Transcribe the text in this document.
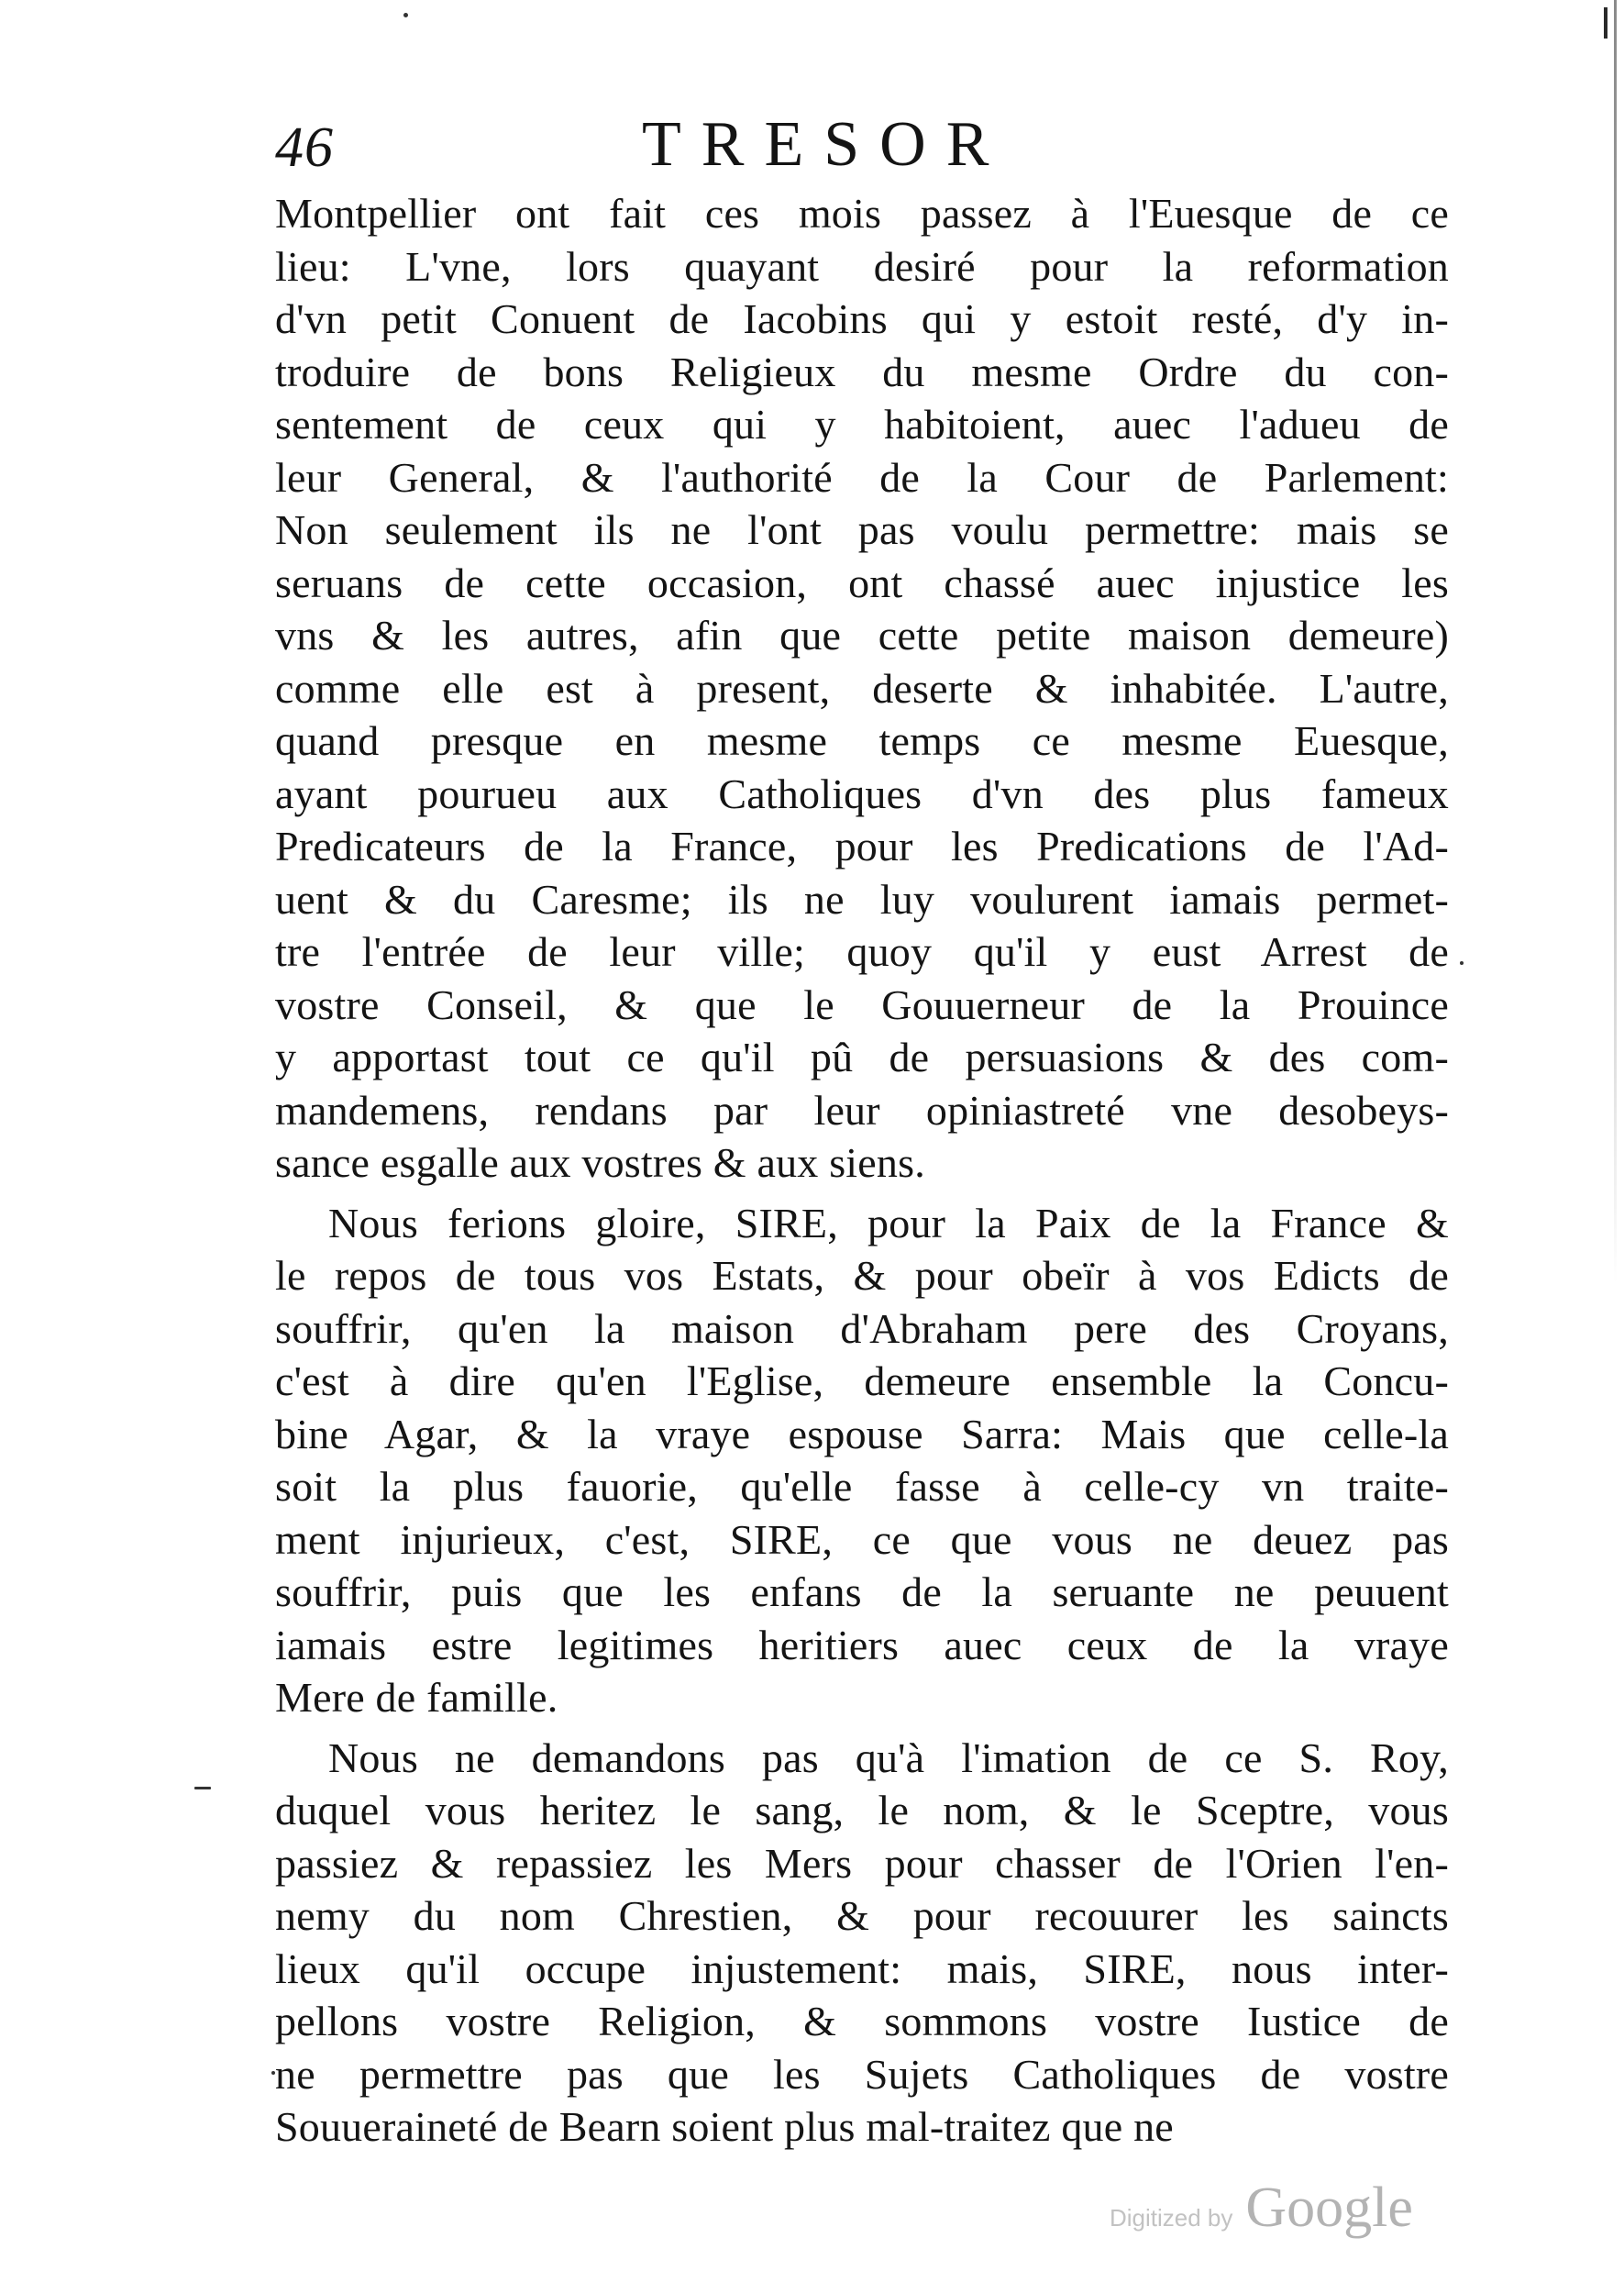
46	TRESOR
Montpellier ont fait ces mois passez à l'Euesque de ce
lieu: L'vne, lors quayant desiré pour la reformation
d'vn petit Conuent de Iacobins qui y estoit resté, d'y in-
troduire de bons Religieux du mesme Ordre du con-
sentement de ceux qui y habitoient, auec l'adueu de
leur General, & l'authorité de la Cour de Parlement:
Non seulement ils ne l'ont pas voulu permettre: mais se
seruans de cette occasion, ont chassé auec injustice les
vns & les autres, afin que cette petite maison demeure)
comme elle est à present, deserte & inhabitée. L'autre,
quand presque en mesme temps ce mesme Euesque,
ayant pourueu aux Catholiques d'vn des plus fameux
Predicateurs de la France, pour les Predications de l'Ad-
uent & du Caresme; ils ne luy voulurent iamais permet-
tre l'entrée de leur ville; quoy qu'il y eust Arrest de
vostre Conseil, & que le Gouuerneur de la Prouince
y apportast tout ce qu'il pû de persuasions & des com-
mandemens, rendans par leur opiniastreté vne desobeys-
sance esgalle aux vostres & aux siens.
Nous ferions gloire, SIRE, pour la Paix de la France &
le repos de tous vos Estats, & pour obeïr à vos Edicts de
souffrir, qu'en la maison d'Abraham pere des Croyans,
c'est à dire qu'en l'Eglise, demeure ensemble la Concu-
bine Agar, & la vraye espouse Sarra: Mais que celle-la
soit la plus fauorie, qu'elle fasse à celle-cy vn traite-
ment injurieux, c'est, SIRE, ce que vous ne deuez pas
souffrir, puis que les enfans de la seruante ne peuuent
iamais estre legitimes heritiers auec ceux de la vraye
Mere de famille.
Nous ne demandons pas qu'à l'imation de ce S. Roy,
duquel vous heritez le sang, le nom, & le Sceptre, vous
passiez & repassiez les Mers pour chasser de l'Orien l'en-
nemy du nom Chrestien, & pour recouurer les saincts
lieux qu'il occupe injustement: mais, SIRE, nous inter-
pellons vostre Religion, & sommons vostre Iustice de
ne permettre pas que les Sujets Catholiques de vostre
Souueraineté de Bearn soient plus mal-traitez que ne
Digitized by Google
